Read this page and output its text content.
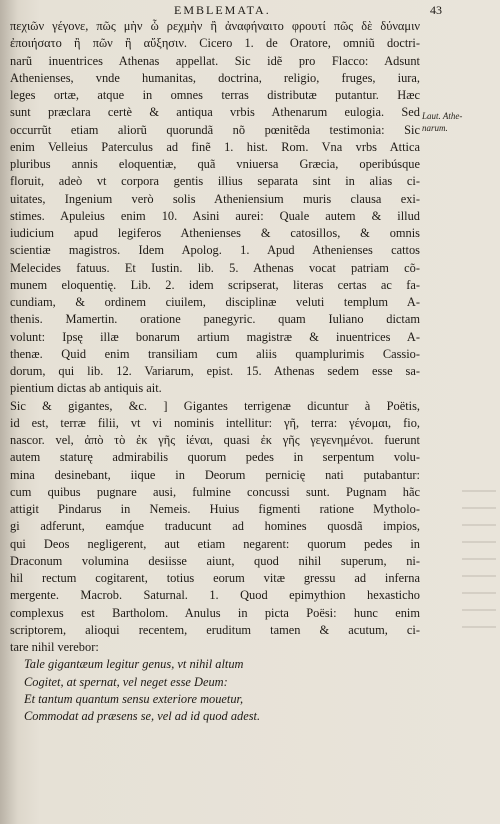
EMBLEMATA.	43
Laut. Athe-
narum.
πεχιῶν γέγονε, πῶς μὴν ὧ ρεχμὴν ἢ ἀναφήναιτο φρουτί πῶς δὲ δύναμιν
ἐποιήσατο ἢ πῶν ἢ αὔξησιν. Cicero 1. de Oratore, omniũ doctri-
narũ inuentrices Athenas appellat. Sic idẽ pro Flacco: Adsunt
Athenienses, vnde humanitas, doctrina, religio, fruges, iura,
leges ortæ, atque in omnes terras distributæ putantur. Hæc
sunt præclara certè & antiqua vrbis Athenarum eulogia. Sed
occurrũt etiam aliorũ quorundã nõ pœnitẽda testimonia: Sic
enim Velleius Paterculus ad finẽ 1. hist. Rom. Vna vrbs Attica
pluribus annis eloquentiæ, quã vniuersa Græcia, operibúsque
floruit, adeò vt corpora gentis illius separata sint in alias ci-
uitates, Ingenium verò solis Atheniensium muris clausa exi-
stimes. Apuleius enim 10. Asini aurei: Quale autem & illud
iudicium apud legiferos Athenienses & catosillos, & omnis
scientiæ magistros. Idem Apolog. 1. Apud Athenienses cattos
Melecides fatuus. Et Iustin. lib. 5. Athenas vocat patriam cõ-
munem eloquentię. Lib. 2. idem scripserat, literas certas ac fa-
cundiam, & ordinem ciuilem, disciplinæ veluti templum A-
thenis. Mamertin. oratione panegyric. quam Iuliano dictam
volunt: Ipsę illæ bonarum artium magistræ & inuentrices A-
thenæ. Quid enim transiliam cum aliis quamplurimis Cassio-
dorum, qui lib. 12. Variarum, epist. 15. Athenas sedem esse sa-
pientium dictas ab antiquis ait.
Sic & gigantes, &c. ] Gigantes terrigenæ dicuntur à Poëtis,
id est, terræ filii, vt vi nominis intellitur: γῆ, terra: γένομαι, fio,
nascor. vel, ἀπὸ τὸ ἐκ γῆς ἰέναι, quasi ἐκ γῆς γεγενημένοι. fuerunt
autem staturę admirabilis quorum pedes in serpentum volu-
mina desinebant, iique in Deorum pernicię nati putabantur:
cum quibus pugnare ausi, fulmine concussi sunt. Pugnam hãc
attigit Pindarus in Nemeis. Huius figmenti ratione Mytholo-
gi adferunt, eamq́ue traducunt ad homines quosdã impios,
qui Deos negligerent, aut etiam negarent: quorum pedes in
Draconum volumina desiisse aiunt, quod nihil superum, ni-
hil rectum cogitarent, totius eorum vitæ gressu ad inferna
mergente. Macrob. Saturnal. 1. Quod epimythion hexasticho
complexus est Bartholom. Anulus in picta Poësi: hunc enim
scriptorem, alioqui recentem, eruditum tamen & acutum, ci-
tare nihil verebor:
Tale gigantæum legitur genus, vt nihil altum
Cogitet, at spernat, vel neget esse Deum:
Et tantum quantum sensu exteriore mouetur,
Commodat ad præsens se, vel ad id quod adest.
